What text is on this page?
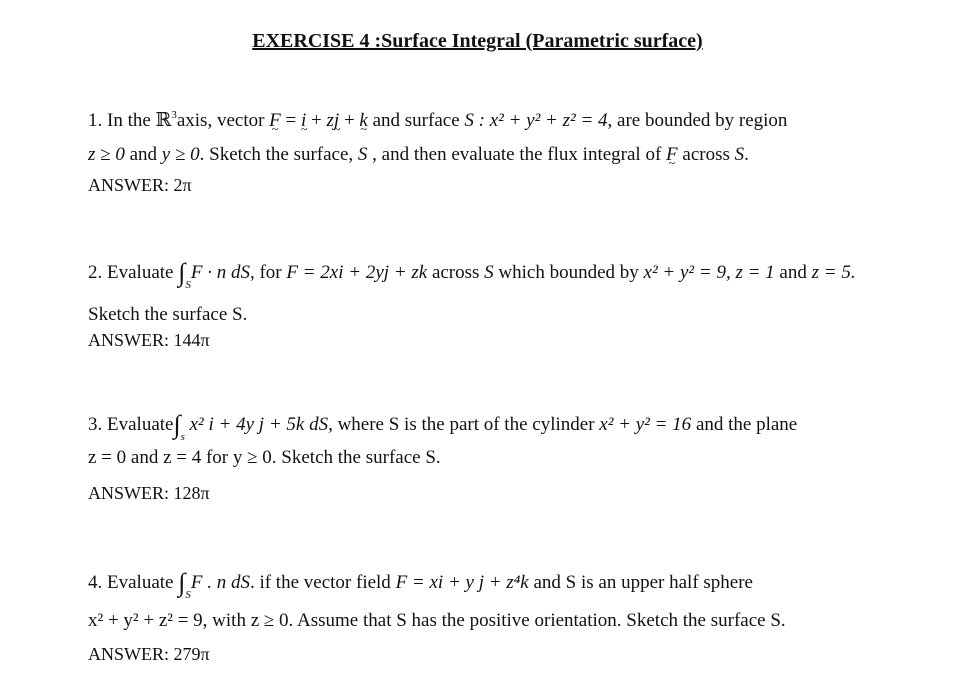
EXERCISE 4 :Surface Integral (Parametric surface)
1. In the ℝ$^3$axis, vector F ~ = i ~ + zj ~ + k ~ and surface S : x² + y² + z² = 4, are bounded by region
z ≥ 0 and y ≥ 0. Sketch the surface, S , and then evaluate the flux integral of F ~ across S.
ANSWER: 2π
2. Evaluate $\int_SF \cdot n$ dS, for F = 2xi + 2yj + zk across S which bounded by x² + y² = 9, z = 1 and z = 5.
Sketch the surface S.
ANSWER: 144π
3. $Evaluate\int_s$ x² i + 4y j + 5k dS, where S is the part of the cylinder x² + y² = 16 and the plane
z = 0 and z = 4 for y ≥ 0. Sketch the surface S.
ANSWER: 128π
4. Evaluate $\int_SF$ . n dS. if the vector field F = xi + y j + z⁴k and S is an upper half sphere
x² + y² + z² = 9, with z ≥ 0. Assume that S has the positive orientation. Sketch the surface S.
ANSWER: 279π
